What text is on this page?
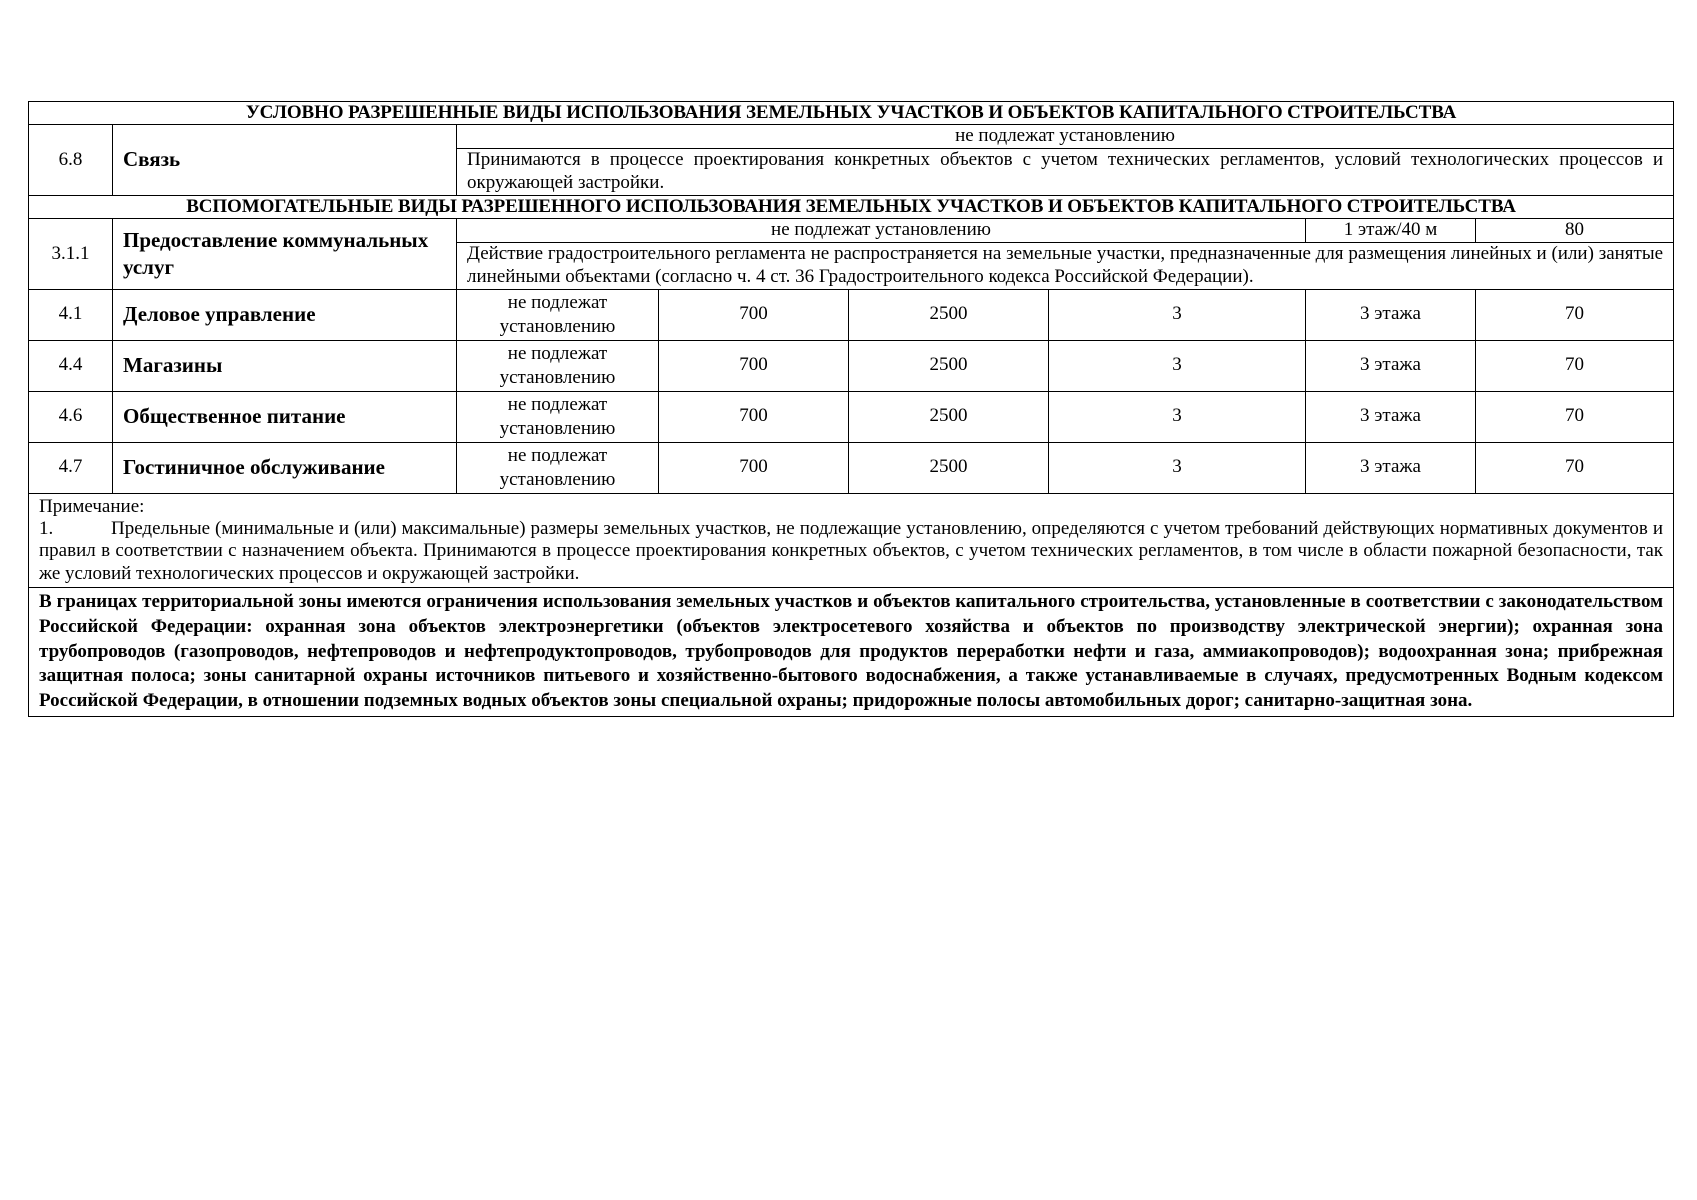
УСЛОВНО РАЗРЕШЕННЫЕ ВИДЫ ИСПОЛЬЗОВАНИЯ ЗЕМЕЛЬНЫХ УЧАСТКОВ И ОБЪЕКТОВ КАПИТАЛЬНОГО СТРОИТЕЛЬСТВА							
6.8	Связь	не подлежат установлению					
		Принимаются в процессе проектирования конкретных объектов с учетом технических регламентов, условий технологических процессов и окружающей застройки.					
ВСПОМОГАТЕЛЬНЫЕ ВИДЫ РАЗРЕШЕННОГО ИСПОЛЬЗОВАНИЯ ЗЕМЕЛЬНЫХ УЧАСТКОВ И ОБЪЕКТОВ КАПИТАЛЬНОГО СТРОИТЕЛЬСТВА							
3.1.1	Предоставление коммунальных услуг	не подлежат установлению				1 этаж/40 м	80
		Действие градостроительного регламента не распространяется на земельные участки, предназначенные для размещения линейных и (или) занятые линейными объектами (согласно ч. 4 ст. 36 Градостроительного кодекса Российской Федерации).					
4.1	Деловое управление	не подлежат установлению	700	2500	3	3 этажа	70
4.4	Магазины	не подлежат установлению	700	2500	3	3 этажа	70
4.6	Общественное питание	не подлежат установлению	700	2500	3	3 этажа	70
4.7	Гостиничное обслуживание	не подлежат установлению	700	2500	3	3 этажа	70

Примечание:
1. Предельные (минимальные и (или) максимальные) размеры земельных участков, не подлежащие установлению, определяются с учетом требований действующих нормативных документов и правил в соответствии с назначением объекта. Принимаются в процессе проектирования конкретных объектов, с учетом технических регламентов, в том числе в области пожарной безопасности, так же условий технологических процессов и окружающей застройки.							

В границах территориальной зоны имеются ограничения использования земельных участков и объектов капитального строительства, установленные в соответствии с законодательством Российской Федерации: охранная зона объектов электроэнергетики (объектов электросетевого хозяйства и объектов по производству электрической энергии); охранная зона трубопроводов (газопроводов, нефтепроводов и нефтепродуктопроводов, трубопроводов для продуктов переработки нефти и газа, аммиакопроводов); водоохранная зона; прибрежная защитная полоса; зоны санитарной охраны источников питьевого и хозяйственно-бытового водоснабжения, а также устанавливаемые в случаях, предусмотренных Водным кодексом Российской Федерации, в отношении подземных водных объектов зоны специальной охраны; придорожные полосы автомобильных дорог; санитарно-защитная зона.							
